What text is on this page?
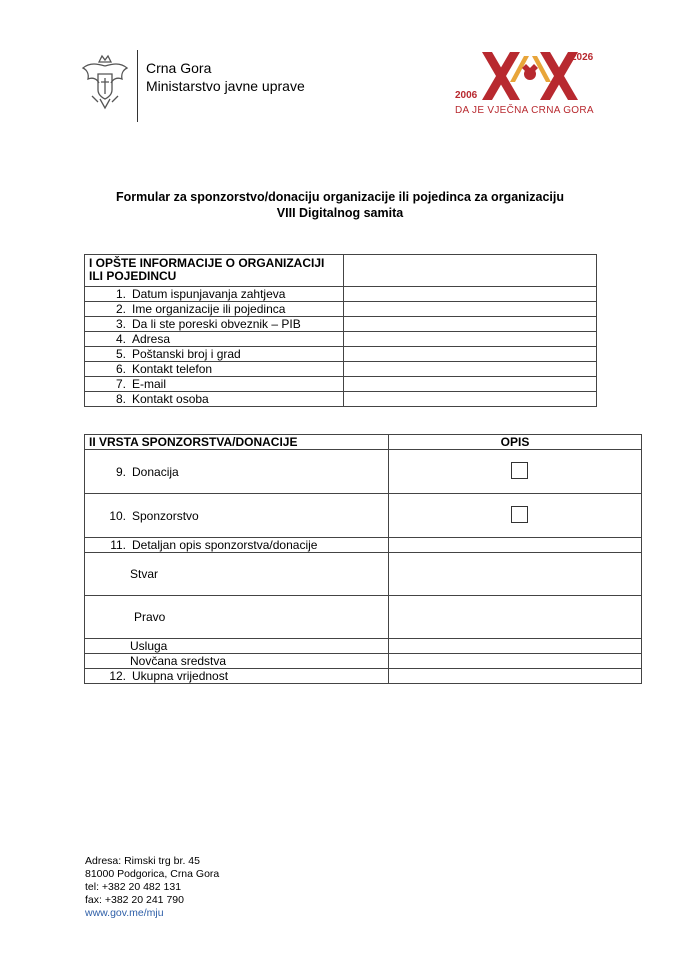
Crna Gora
Ministarstvo javne uprave
2026
2006
DA JE VJEČNA CRNA GORA
Formular za sponzorstvo/donaciju organizacije ili pojedinca za organizaciju
VIII Digitalnog samita
I OPŠTE INFORMACIJE O ORGANIZACIJI
ILI POJEDINCU	
1. Datum ispunjavanja zahtjeva	
2. Ime organizacije ili pojedinca	
3. Da li ste poreski obveznik – PIB	
4. Adresa	
5. Poštanski broj i grad	
6. Kontakt telefon	
7. E-mail	
8. Kontakt osoba	
II VRSTA SPONZORSTVA/DONACIJE	OPIS
9. Donacija	
10. Sponzorstvo	
11. Detaljan opis sponzorstva/donacije	
Stvar	
Pravo	
Usluga	
Novčana sredstva	
12. Ukupna vrijednost	
Adresa: Rimski trg br. 45
81000 Podgorica, Crna Gora
tel: +382 20 482 131
fax: +382 20 241 790
www.gov.me/mju
